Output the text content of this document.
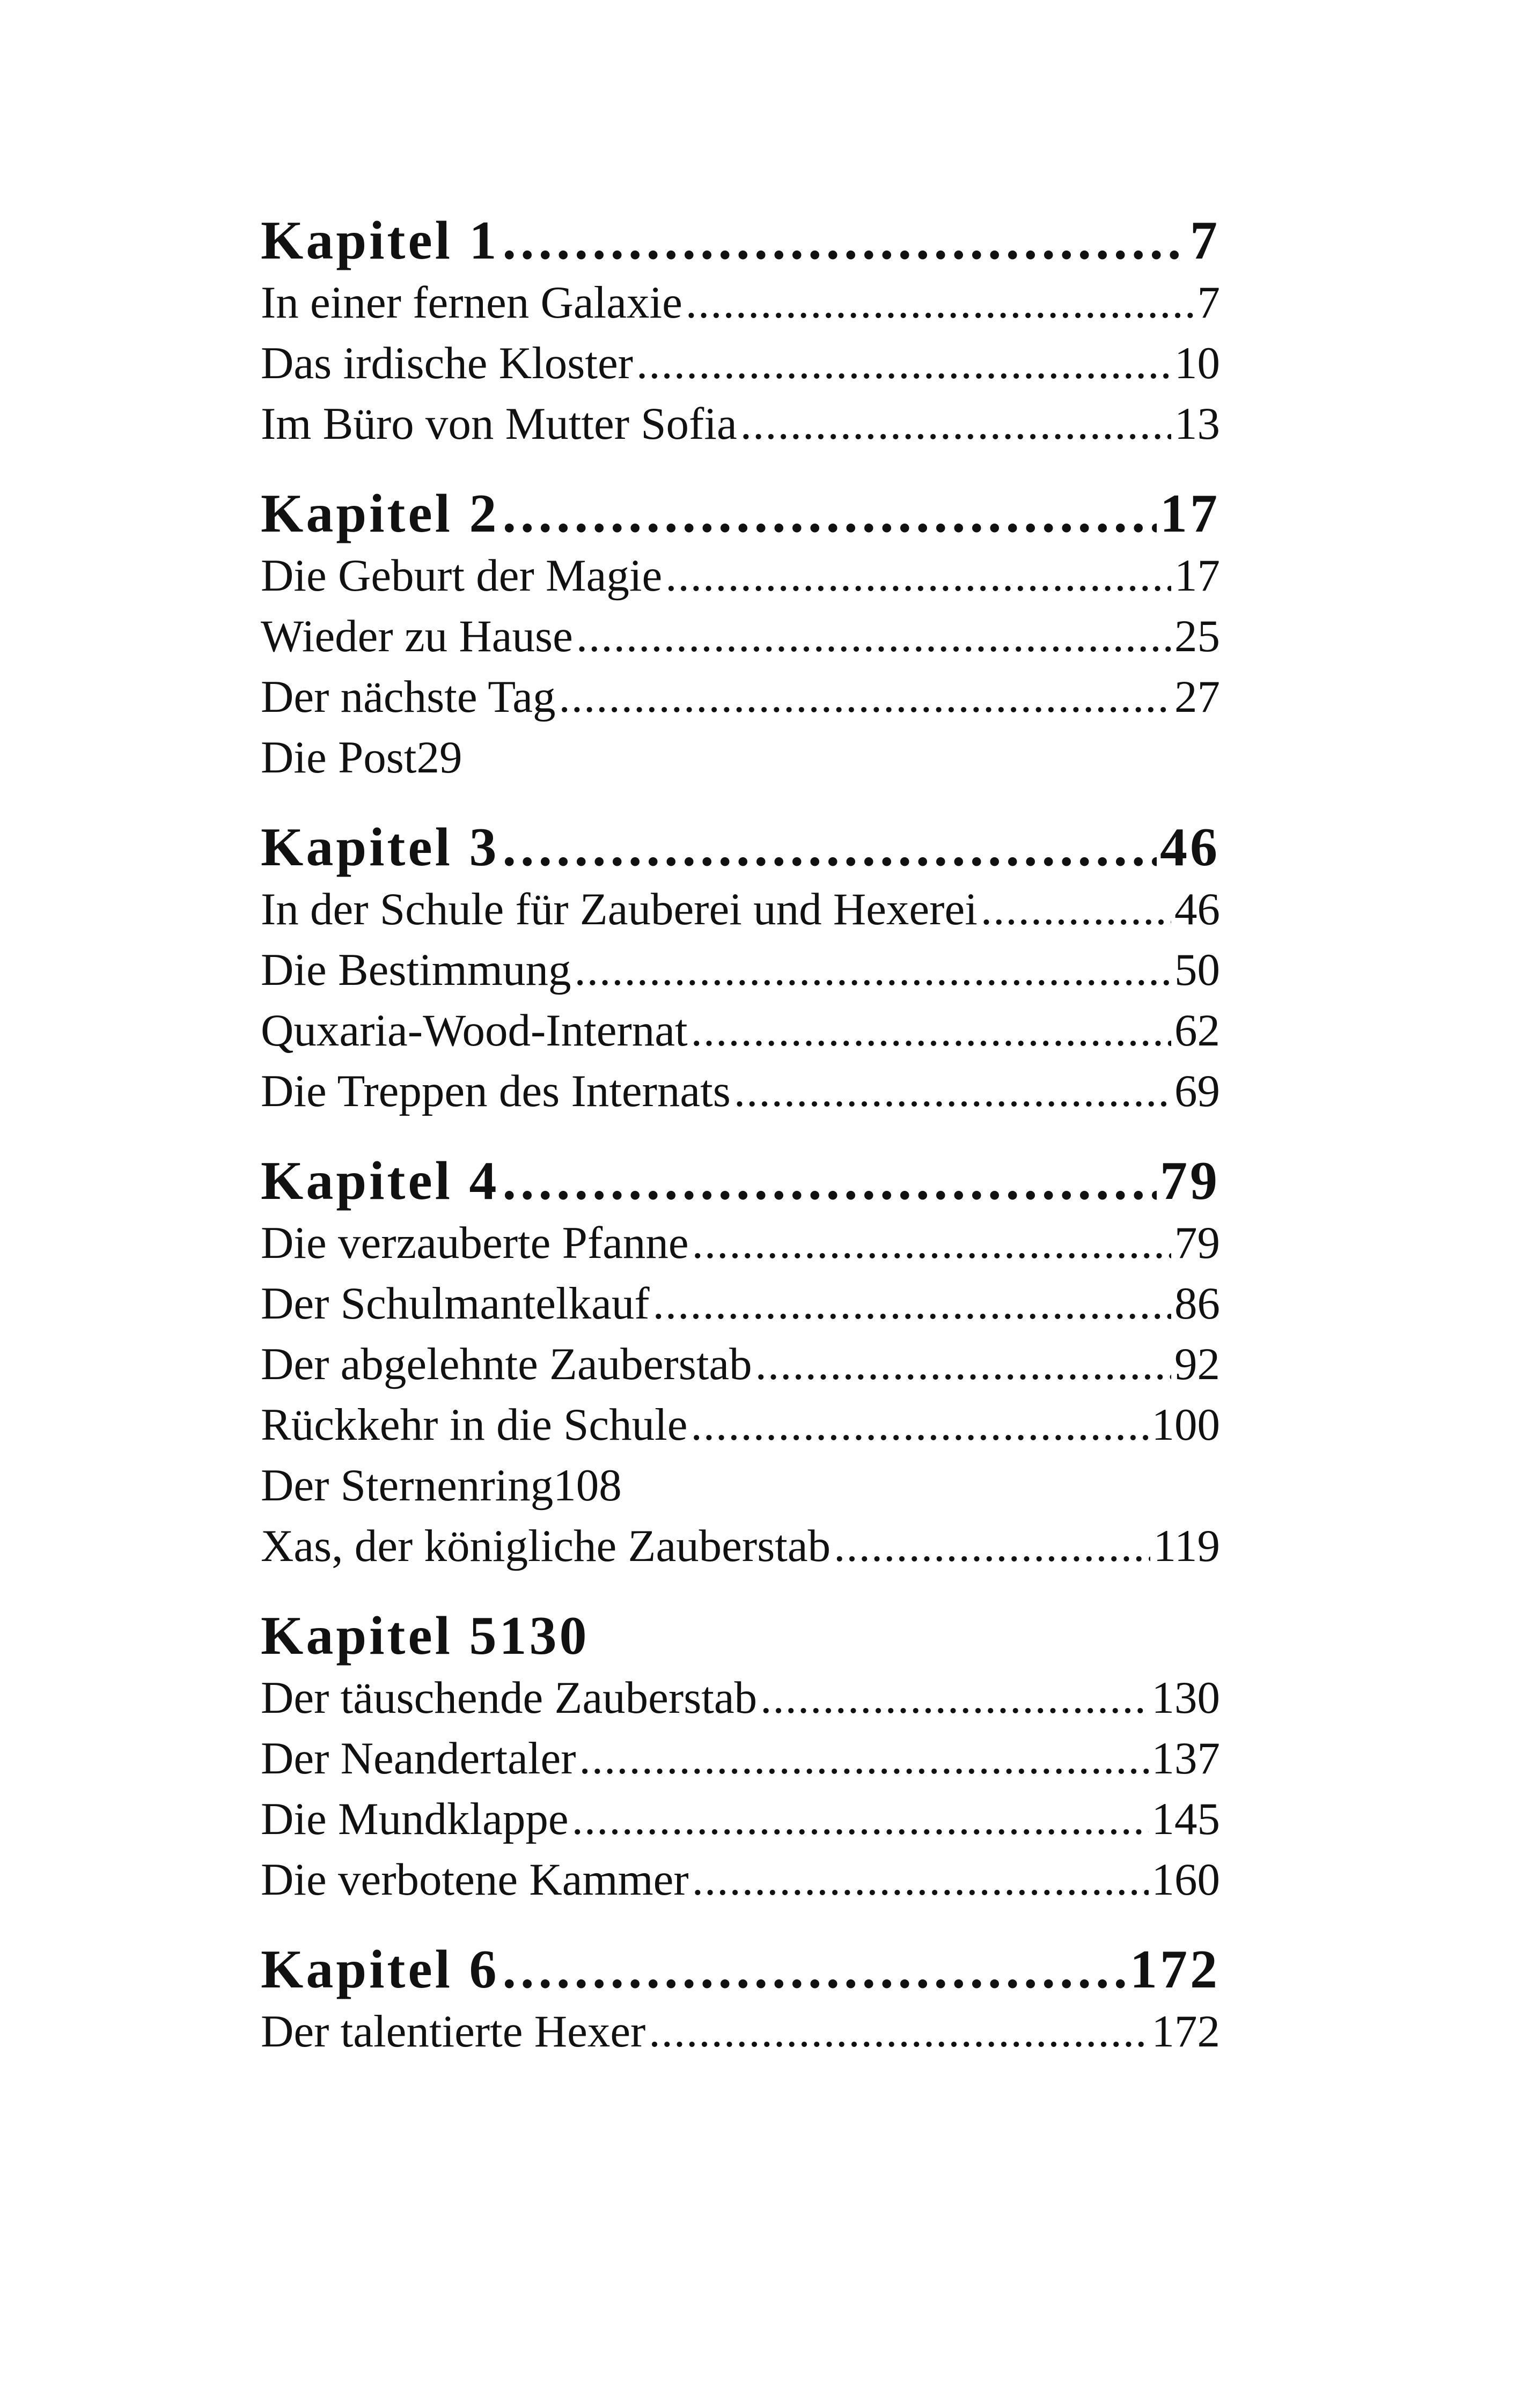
Kapitel 1 .....	7
In einer fernen Galaxie .....	7
Das irdische Kloster .....	10
Im Büro von Mutter Sofia .....	13
Kapitel 2 .....	17
Die Geburt der Magie .....	17
Wieder zu Hause .....	25
Der nächste Tag .....	27
Die Post 29
Kapitel 3 .....	46
In der Schule für Zauberei und Hexerei .....	46
Die Bestimmung .....	50
Quxaria-Wood-Internat .....	62
Die Treppen des Internats .....	69
Kapitel 4 .....	79
Die verzauberte Pfanne .....	79
Der Schulmantelkauf .....	86
Der abgelehnte Zauberstab .....	92
Rückkehr in die Schule .....	100
Der Sternenring 108
Xas, der königliche Zauberstab .....	119
Kapitel 5 130
Der täuschende Zauberstab .....	130
Der Neandertaler .....	137
Die Mundklappe .....	145
Die verbotene Kammer .....	160
Kapitel 6 .....	172
Der talentierte Hexer .....	172
